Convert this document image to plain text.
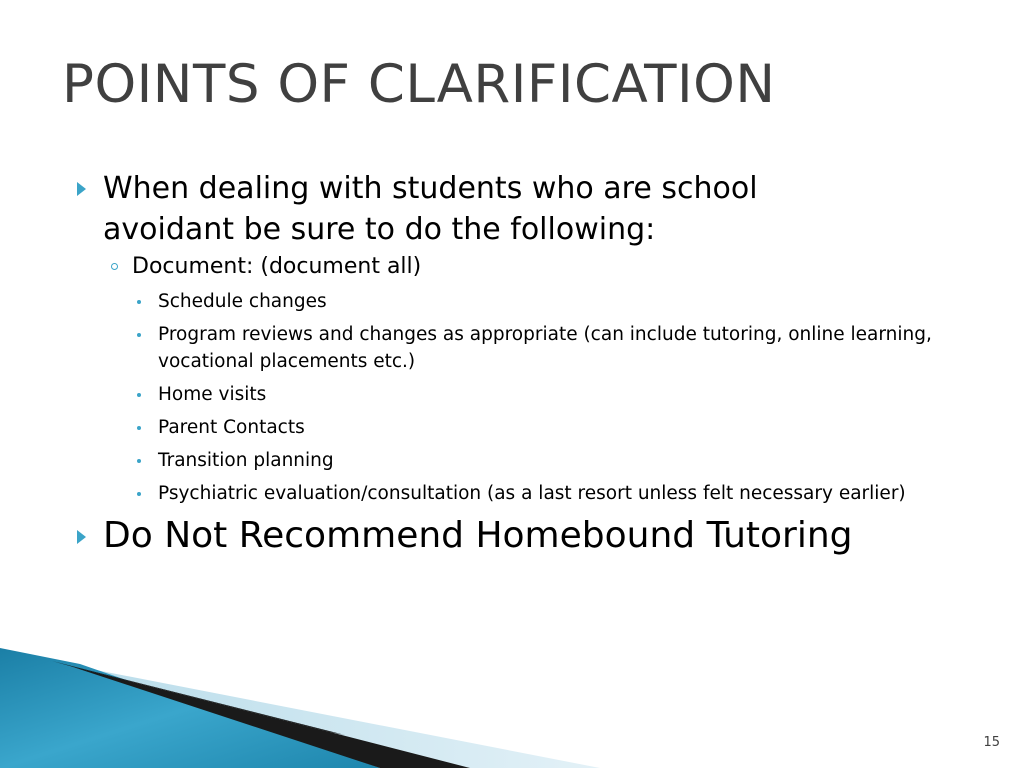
POINTS OF CLARIFICATION
When dealing with students who are school avoidant be sure to do the following:
Document: (document all)
Schedule changes
Program reviews and changes as appropriate (can include tutoring, online learning, vocational placements etc.)
Home visits
Parent Contacts
Transition planning
Psychiatric evaluation/consultation (as a last resort unless felt necessary earlier)
Do Not Recommend Homebound Tutoring
15
